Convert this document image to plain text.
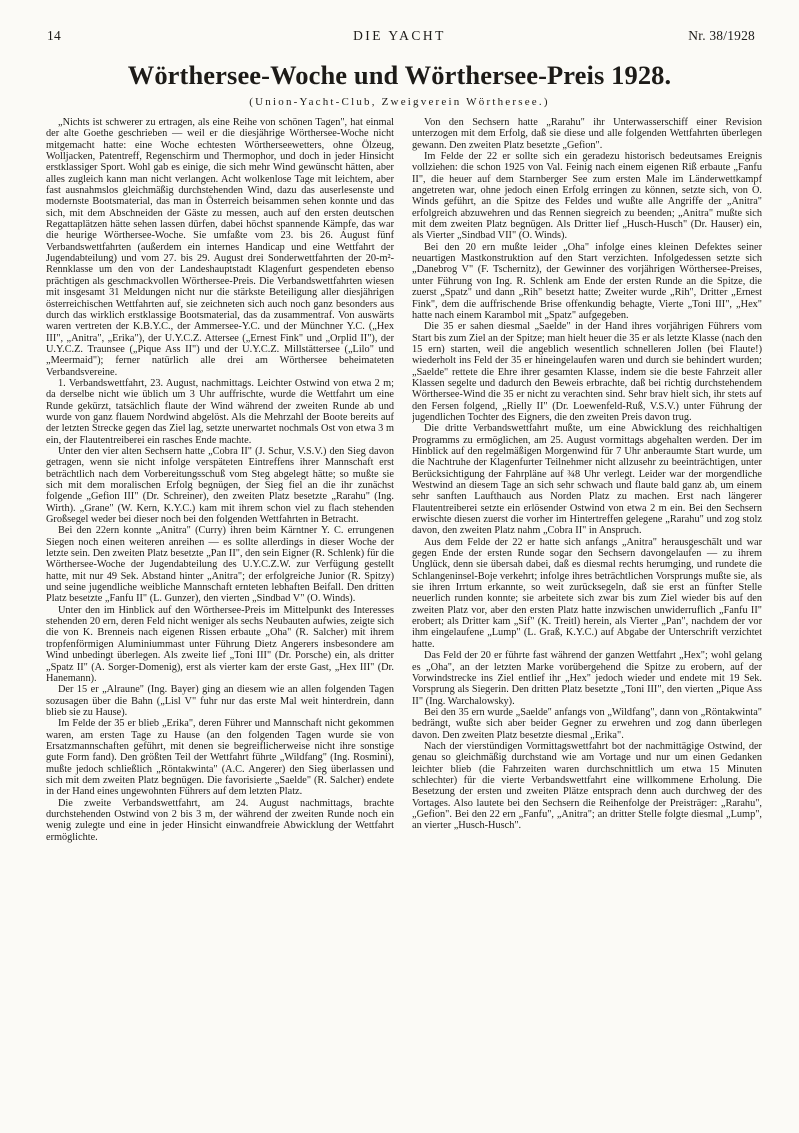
14	DIE YACHT	Nr. 38/1928
Wörthersee-Woche und Wörthersee-Preis 1928.
(Union-Yacht-Club, Zweigverein Wörthersee.)

„Nichts ist schwerer zu ertragen, als eine Reihe von schönen Tagen", hat einmal der alte Goethe geschrieben — weil er die diesjährige Wörthersee-Woche nicht mitgemacht hatte: eine Woche echtesten Wörtherseewetters, ohne Ölzeug, Wolljacken, Patentreff, Regenschirm und Thermophor, und doch in jeder Hinsicht erstklassiger Sport. Wohl gab es einige, die sich mehr Wind gewünscht hätten, aber alles zugleich kann man nicht verlangen. Acht wolkenlose Tage mit leichtem, aber fast ausnahmslos gleichmäßig durchstehenden Wind, dazu das auserlesenste und modernste Bootsmaterial, das man in Österreich beisammen sehen konnte und das sich, mit dem Abschneiden der Gäste zu messen, auch auf den ersten deutschen Regattaplätzen hätte sehen lassen dürfen, dabei höchst spannende Kämpfe, das war die heurige Wörthersee-Woche. Sie umfaßte vom 23. bis 26. August fünf Verbandswettfahrten (außerdem ein internes Handicap und eine Wettfahrt der Jugendabteilung) und vom 27. bis 29. August drei Sonderwettfahrten der 20-m²-Rennklasse um den von der Landeshauptstadt Klagenfurt gespendeten ebenso prächtigen als geschmackvollen Wörthersee-Preis. Die Verbandswettfahrten wiesen mit insgesamt 31 Meldungen nicht nur die stärkste Beteiligung aller diesjährigen österreichischen Wettfahrten auf, sie zeichneten sich auch noch ganz besonders aus durch das wirklich erstklassige Bootsmaterial, das da zusammentraf. Von auswärts waren vertreten der K.B.Y.C., der Ammersee-Y.C. und der Münchner Y.C. („Hex III", „Anitra", „Erika"), der U.Y.C.Z. Attersee („Ernest Fink" und „Orplid II"), der U.Y.C.Z. Traunsee („Pique Ass II") und der U.Y.C.Z. Millstättersee („Lilo" und „Meermaid"); ferner natürlich alle drei am Wörthersee beheimateten Verbandsvereine.

1. Verbandswettfahrt, 23. August, nachmittags. Leichter Ostwind von etwa 2 m; da derselbe nicht wie üblich um 3 Uhr auffrischte, wurde die Wettfahrt um eine Runde gekürzt, tatsächlich flaute der Wind während der zweiten Runde ab und wurde von ganz flauem Nordwind abgelöst. Als die Mehrzahl der Boote bereits auf der letzten Strecke gegen das Ziel lag, setzte unerwartet nochmals Ost von etwa 3 m ein, der Flautentreiberei ein rasches Ende machte.

Unter den vier alten Sechsern hatte „Cobra II" (J. Schur, V.S.V.) den Sieg davon getragen, wenn sie nicht infolge verspäteten Eintreffens ihrer Mannschaft erst beträchtlich nach dem Vorbereitungsschuß vom Steg abgelegt hätte; so mußte sie sich mit dem moralischen Erfolg begnügen, der Sieg fiel an die ihr zunächst folgende „Gefion III" (Dr. Schreiner), den zweiten Platz besetzte „Rarahu" (Ing. Wirth). „Grane" (W. Kern, K.Y.C.) kam mit ihrem schon viel zu flach stehenden Großsegel weder bei dieser noch bei den folgenden Wettfahrten in Betracht.

Bei den 22ern konnte „Anitra" (Curry) ihren beim Kärntner Y. C. errungenen Siegen noch einen weiteren anreihen — es sollte allerdings in dieser Woche der letzte sein. Den zweiten Platz besetzte „Pan II", den sein Eigner (R. Schlenk) für die Wörthersee-Woche der Jugendabteilung des U.Y.C.Z.W. zur Verfügung gestellt hatte, mit nur 49 Sek. Abstand hinter „Anitra"; der erfolgreiche Junior (R. Spitzy) und seine jugendliche weibliche Mannschaft ernteten lebhaften Beifall. Den dritten Platz besetzte „Fanfu II" (L. Gunzer), den vierten „Sindbad V" (O. Winds).

Unter den im Hinblick auf den Wörthersee-Preis im Mittelpunkt des Interesses stehenden 20 ern, deren Feld nicht weniger als sechs Neubauten aufwies, zeigte sich die von K. Brenneis nach eigenen Rissen erbaute „Oha" (R. Salcher) mit ihrem tropfenförmigen Aluminiummast unter Führung Dietz Angerers insbesondere am Wind unbedingt überlegen. Als zweite lief „Toni III" (Dr. Porsche) ein, als dritter „Spatz II" (A. Sorger-Domenig), erst als vierter kam der erste Gast, „Hex III" (Dr. Hanemann).

Der 15 er „Alraune" (Ing. Bayer) ging an diesem wie an allen folgenden Tagen sozusagen über die Bahn („Lisl V" fuhr nur das erste Mal weit hinterdrein, dann blieb sie zu Hause).

Im Felde der 35 er blieb „Erika", deren Führer und Mannschaft nicht gekommen waren, am ersten Tage zu Hause (an den folgenden Tagen wurde sie von Ersatzmannschaften geführt, mit denen sie begreiflicherweise nicht ihre sonstige gute Form fand). Den größten Teil der Wettfahrt führte „Wildfang" (Ing. Rosmini), mußte jedoch schließlich „Röntakwinta" (A.C. Angerer) den Sieg überlassen und sich mit dem zweiten Platz begnügen. Die favorisierte „Saelde" (R. Salcher) endete in der Hand eines ungewohnten Führers auf dem letzten Platz.

Die zweite Verbandswettfahrt, am 24. August nachmittags, brachte durchstehenden Ostwind von 2 bis 3 m, der während der zweiten Runde noch ein wenig zulegte und eine in jeder Hinsicht einwandfreie Abwicklung der Wettfahrt ermöglichte.

Von den Sechsern hatte „Rarahu" ihr Unterwasserschiff einer Revision unterzogen mit dem Erfolg, daß sie diese und alle folgenden Wettfahrten überlegen gewann. Den zweiten Platz besetzte „Gefion".

Im Felde der 22 er sollte sich ein geradezu historisch bedeutsames Ereignis vollziehen: die schon 1925 von Val. Feinig nach einem eigenen Riß erbaute „Fanfu II", die heuer auf dem Starnberger See zum ersten Male im Länderwettkampf angetreten war, ohne jedoch einen Erfolg erringen zu können, setzte sich, von O. Winds geführt, an die Spitze des Feldes und wußte alle Angriffe der „Anitra" erfolgreich abzuwehren und das Rennen siegreich zu beenden; „Anitra" mußte sich mit dem zweiten Platz begnügen. Als Dritter lief „Husch-Husch" (Dr. Hauser) ein, als Vierter „Sindbad VII" (O. Winds).

Bei den 20 ern mußte leider „Oha" infolge eines kleinen Defektes seiner neuartigen Mastkonstruktion auf den Start verzichten. Infolgedessen setzte sich „Danebrog V" (F. Tschernitz), der Gewinner des vorjährigen Wörthersee-Preises, unter Führung von Ing. R. Schlenk am Ende der ersten Runde an die Spitze, die zuerst „Spatz" und dann „Rih" besetzt hatte; Zweiter wurde „Rih", Dritter „Ernest Fink", dem die auffrischende Brise offenkundig behagte, Vierte „Toni III", „Hex" hatte nach einem Karambol mit „Spatz" aufgegeben.

Die 35 er sahen diesmal „Saelde" in der Hand ihres vorjährigen Führers vom Start bis zum Ziel an der Spitze; man hielt heuer die 35 er als letzte Klasse (nach den 15 ern) starten, weil die angeblich wesentlich schnelleren Jollen (bei Flaute!) wiederholt ins Feld der 35 er hineingelaufen waren und durch sie behindert wurden; „Saelde" rettete die Ehre ihrer gesamten Klasse, indem sie die beste Fahrzeit aller Klassen segelte und dadurch den Beweis erbrachte, daß bei richtig durchstehendem Wörthersee-Wind die 35 er nicht zu verachten sind. Sehr brav hielt sich, ihr stets auf den Fersen folgend, „Rielly II" (Dr. Loewenfeld-Ruß, V.S.V.) unter Führung der jugendlichen Tochter des Eigners, die den zweiten Preis davon trug.

Die dritte Verbandswettfahrt mußte, um eine Abwicklung des reichhaltigen Programms zu ermöglichen, am 25. August vormittags abgehalten werden. Der im Hinblick auf den regelmäßigen Morgenwind für 7 Uhr anberaumte Start wurde, um die Nachtruhe der Klagenfurter Teilnehmer nicht allzusehr zu beeinträchtigen, unter Berücksichtigung der Fahrpläne auf ¾8 Uhr verlegt. Leider war der morgendliche Westwind an diesem Tage an sich sehr schwach und flaute bald ganz ab, um einem sehr sanften Laufthauch aus Norden Platz zu machen. Erst nach längerer Flautentreiberei setzte ein erlösender Ostwind von etwa 2 m ein. Bei den Sechsern erwischte diesen zuerst die vorher im Hintertreffen gelegene „Rarahu" und zog stolz davon, den zweiten Platz nahm „Cobra II" in Anspruch.

Aus dem Felde der 22 er hatte sich anfangs „Anitra" herausgeschält und war gegen Ende der ersten Runde sogar den Sechsern davongelaufen — zu ihrem Unglück, denn sie übersah dabei, daß es diesmal rechts herumging, und rundete die Schlangeninsel-Boje verkehrt; infolge ihres beträchtlichen Vorsprungs mußte sie, als sie ihren Irrtum erkannte, so weit zurücksegeln, daß sie erst an fünfter Stelle neuerlich runden konnte; sie arbeitete sich zwar bis zum Ziel wieder bis auf den zweiten Platz vor, aber den ersten Platz hatte inzwischen unwiderruflich „Fanfu II" erobert; als Dritter kam „Sif" (K. Treitl) herein, als Vierter „Pan", nachdem der vor ihm eingelaufene „Lump" (L. Graß, K.Y.C.) auf Abgabe der Unterschrift verzichtet hatte.

Das Feld der 20 er führte fast während der ganzen Wettfahrt „Hex"; wohl gelang es „Oha", an der letzten Marke vorübergehend die Spitze zu erobern, auf der Vorwindstrecke ins Ziel entlief ihr „Hex" jedoch wieder und endete mit 19 Sek. Vorsprung als Siegerin. Den dritten Platz besetzte „Toni III", den vierten „Pique Ass II" (Ing. Warchalowsky).

Bei den 35 ern wurde „Saelde" anfangs von „Wildfang", dann von „Röntakwinta" bedrängt, wußte sich aber beider Gegner zu erwehren und zog dann überlegen davon. Den zweiten Platz besetzte diesmal „Erika".

Nach der vierstündigen Vormittagswettfahrt bot der nachmittägige Ostwind, der genau so gleichmäßig durchstand wie am Vortage und nur um einen Gedanken leichter blieb (die Fahrzeiten waren durchschnittlich um etwa 15 Minuten schlechter) für die vierte Verbandswettfahrt eine willkommene Erholung. Die Besetzung der ersten und zweiten Plätze entsprach denn auch durchweg der des Vortages. Also lautete bei den Sechsern die Reihenfolge der Preisträger: „Rarahu", „Gefion". Bei den 22 ern „Fanfu", „Anitra"; an dritter Stelle folgte diesmal „Lump", an vierter „Husch-Husch".
